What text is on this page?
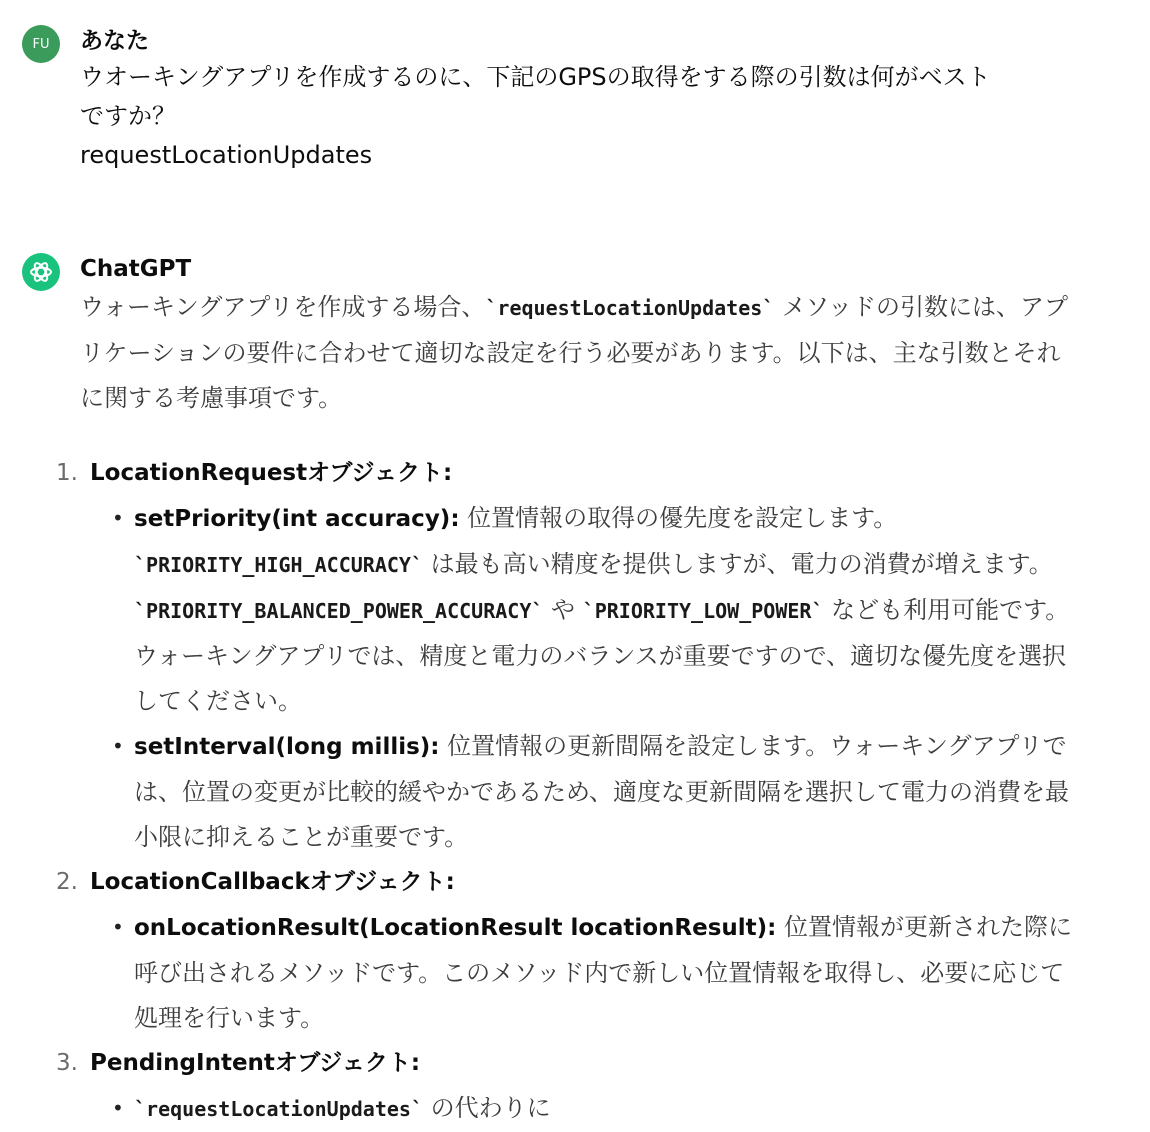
FU あなた
ウオーキングアプリを作成するのに、下記のGPSの取得をする際の引数は何がベスト
ですか？
requestLocationUpdates
ChatGPT
ウォーキングアプリを作成する場合、`requestLocationUpdates` メソッドの引数には、アプリケーションの要件に合わせて適切な設定を行う必要があります。以下は、主な引数とそれに関する考慮事項です。
1. LocationRequestオブジェクト:
• setPriority(int accuracy): 位置情報の取得の優先度を設定します。
`PRIORITY_HIGH_ACCURACY` は最も高い精度を提供しますが、電力の消費が増えます。`PRIORITY_BALANCED_POWER_ACCURACY` や `PRIORITY_LOW_POWER` なども利用可能です。ウォーキングアプリでは、精度と電力のバランスが重要ですので、適切な優先度を選択してください。
• setInterval(long millis): 位置情報の更新間隔を設定します。ウォーキングアプリでは、位置の変更が比較的緩やかであるため、適度な更新間隔を選択して電力の消費を最小限に抑えることが重要です。
2. LocationCallbackオブジェクト:
• onLocationResult(LocationResult locationResult): 位置情報が更新された際に呼び出されるメソッドです。このメソッド内で新しい位置情報を取得し、必要に応じて処理を行います。
3. PendingIntentオブジェクト:
• `requestLocationUpdates` の代わりに
